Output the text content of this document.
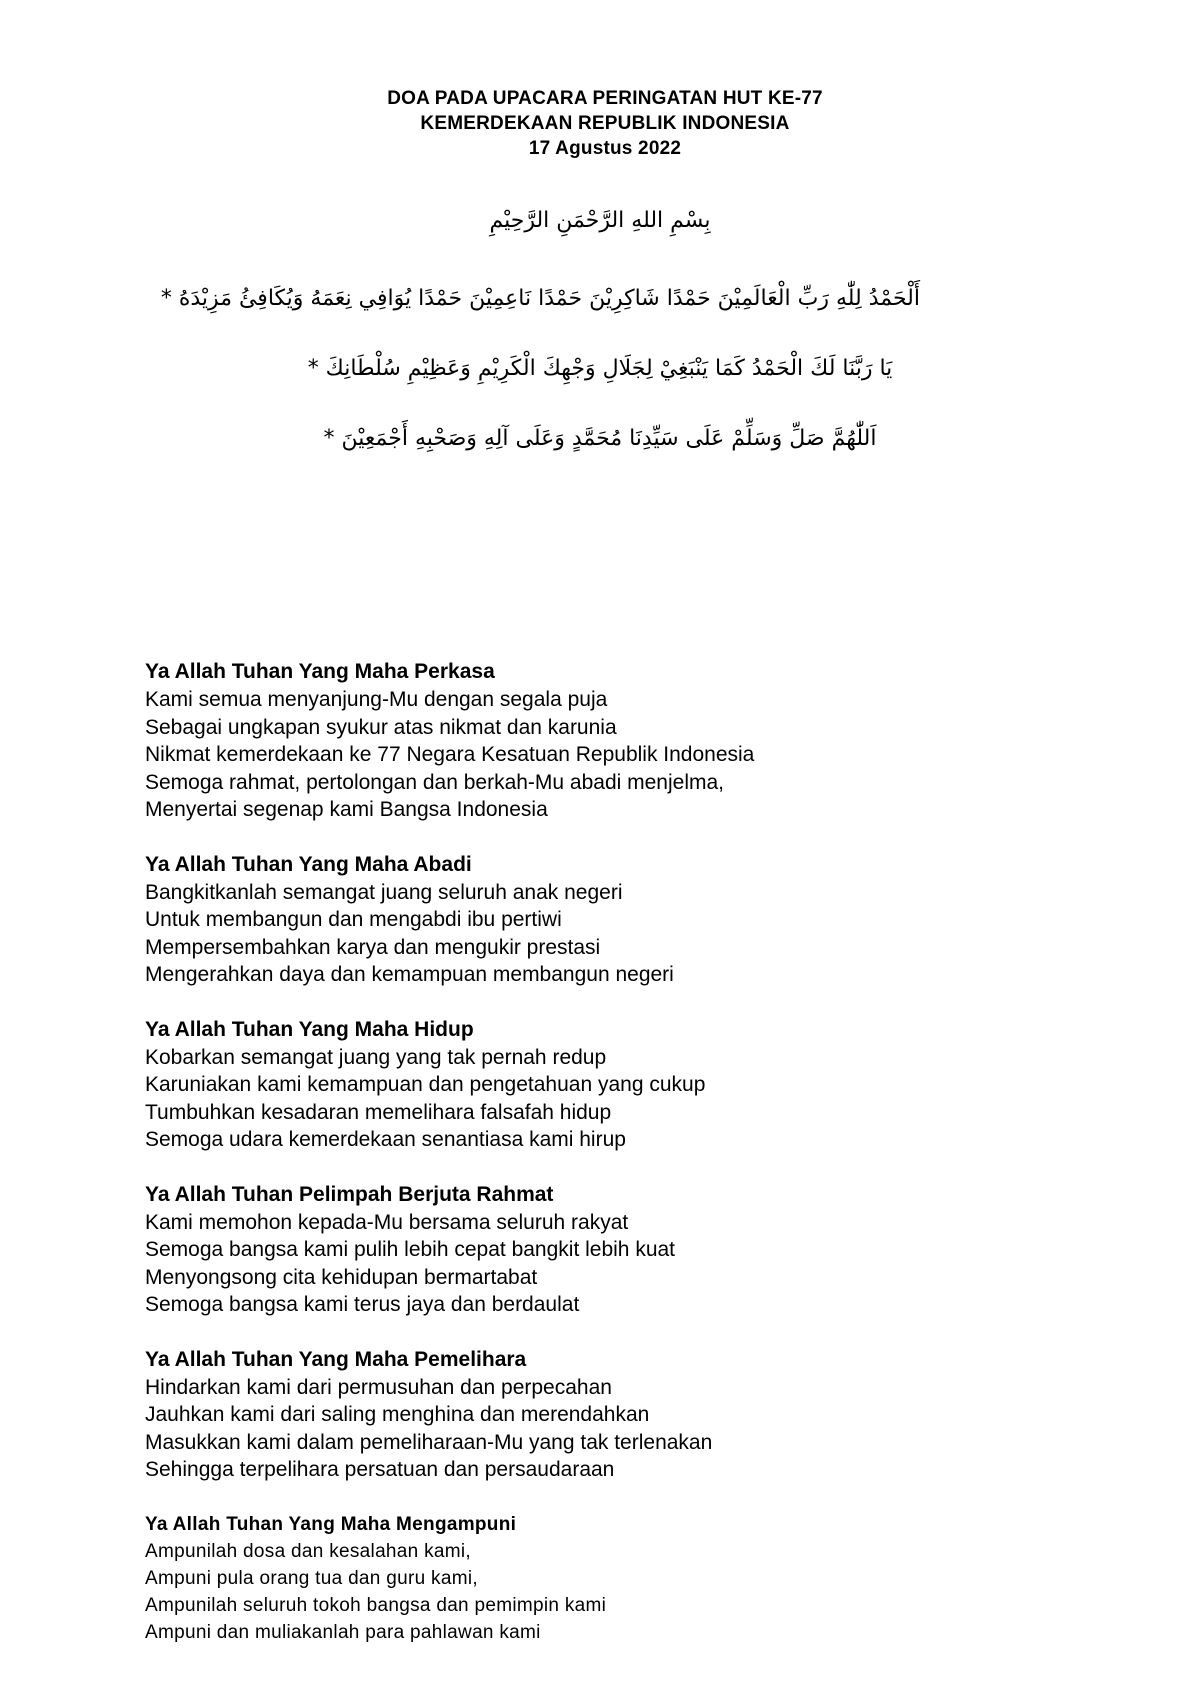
DOA PADA UPACARA PERINGATAN HUT KE-77
KEMERDEKAAN REPUBLIK INDONESIA
17 Agustus 2022
بِسْمِ اللهِ الرَّحْمَنِ الرَّحِيْمِ
أَلْحَمْدُ لِلّٰهِ رَبِّ الْعَالَمِيْنَ حَمْدًا شَاكِرِيْنَ حَمْدًا نَاعِمِيْنَ حَمْدًا يُوَافِي نِعَمَهُ وَيُكَافِئُ مَزِيْدَهُ *
يَا رَبَّنَا لَكَ الْحَمْدُ كَمَا يَنْبَغِيْ لِجَلَالِ وَجْهِكَ الْكَرِيْمِ وَعَظِيْمِ سُلْطَانِكَ *
اَللّٰهُمَّ صَلِّ وَسَلِّمْ عَلَى سَيِّدِنَا مُحَمَّدٍ وَعَلَى آلِهِ وَصَحْبِهِ أَجْمَعِيْنَ *
Ya Allah Tuhan Yang Maha Perkasa
Kami semua menyanjung-Mu dengan segala puja
Sebagai ungkapan syukur atas nikmat dan karunia
Nikmat kemerdekaan ke 77 Negara Kesatuan Republik Indonesia
Semoga rahmat, pertolongan dan berkah-Mu abadi menjelma,
Menyertai segenap kami Bangsa Indonesia
Ya Allah Tuhan Yang Maha Abadi
Bangkitkanlah semangat juang seluruh anak negeri
Untuk membangun dan mengabdi ibu pertiwi
Mempersembahkan karya dan mengukir prestasi
Mengerahkan daya dan kemampuan membangun negeri
Ya Allah Tuhan Yang Maha Hidup
Kobarkan semangat juang yang tak pernah redup
Karuniakan kami kemampuan dan pengetahuan yang cukup
Tumbuhkan kesadaran memelihara falsafah hidup
Semoga udara kemerdekaan senantiasa kami hirup
Ya Allah Tuhan Pelimpah Berjuta Rahmat
Kami memohon kepada-Mu bersama seluruh rakyat
Semoga bangsa kami pulih lebih cepat bangkit lebih kuat
Menyongsong cita kehidupan bermartabat
Semoga bangsa kami terus jaya dan berdaulat
Ya Allah Tuhan Yang Maha Pemelihara
Hindarkan kami dari permusuhan dan perpecahan
Jauhkan kami dari saling menghina dan merendahkan
Masukkan kami dalam pemeliharaan-Mu yang tak terlenakan
Sehingga terpelihara persatuan dan persaudaraan
Ya Allah Tuhan Yang Maha Mengampuni
Ampunilah dosa dan kesalahan kami,
Ampuni pula orang tua dan guru kami,
Ampunilah seluruh tokoh bangsa dan pemimpin kami
Ampuni dan muliakanlah para pahlawan kami
